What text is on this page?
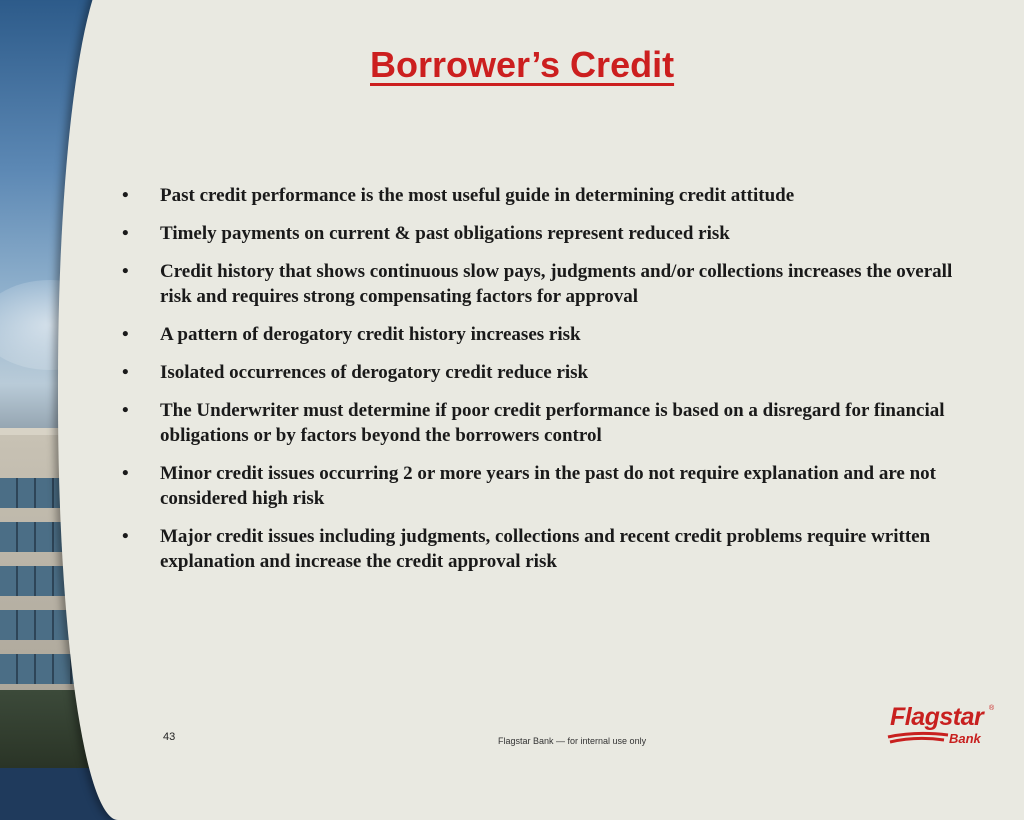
Borrower’s Credit
• Past credit performance is the most useful guide in determining credit attitude
• Timely payments on current & past obligations represent reduced risk
• Credit history that shows continuous slow pays, judgments and/or collections increases the overall risk and requires strong compensating factors for approval
• A pattern of derogatory credit history increases risk
• Isolated occurrences of derogatory credit reduce risk
• The Underwriter must determine if poor credit performance is based on a disregard for financial obligations or by factors beyond the borrowers control
• Minor credit issues occurring 2 or more years in the past do not require explanation and are not considered high risk
• Major credit issues including judgments, collections and recent credit problems require written explanation and increase the credit approval risk
43	Flagstar Bank — for internal use only
Flagstar ®
Bank
